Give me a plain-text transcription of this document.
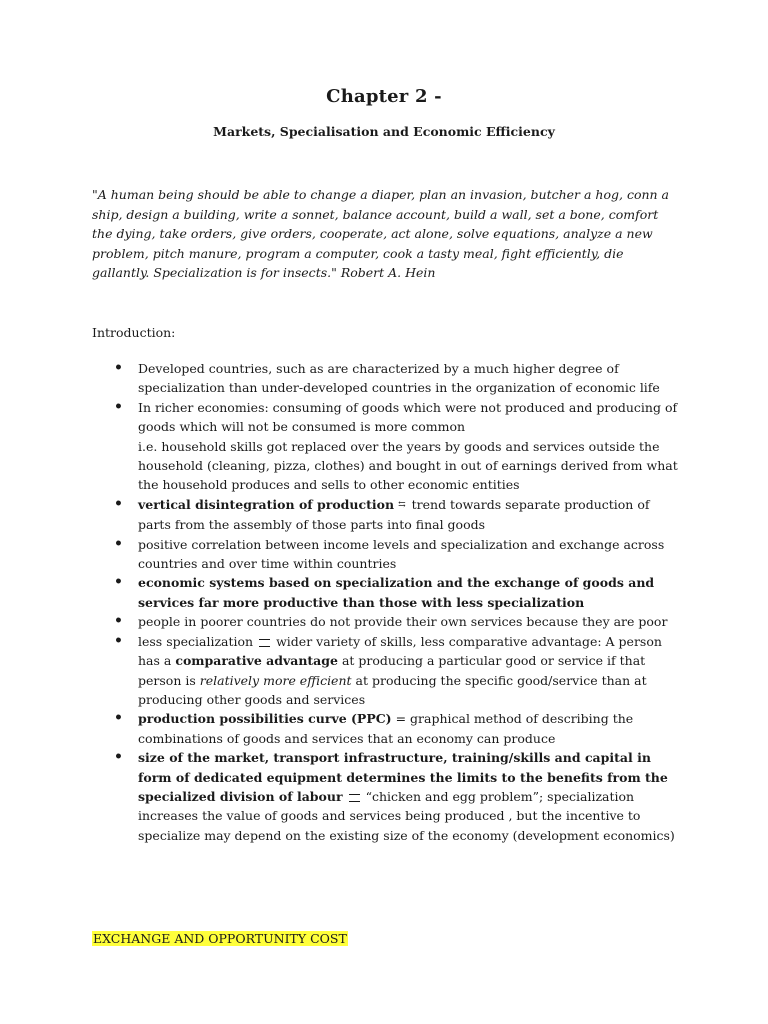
Chapter 2 -
Markets, Specialisation and Economic Efficiency
"A human being should be able to change a diaper, plan an invasion, butcher a hog, conn a ship, design a building, write a sonnet, balance account, build a wall, set a bone, comfort the dying, take orders, give orders, cooperate, act alone, solve equations, analyze a new problem, pitch manure, program a computer, cook a tasty meal, fight efficiently, die gallantly. Specialization is for insects." Robert A. Hein
Introduction:
• Developed countries, such as are characterized by a much higher degree of specialization than under-developed countries in the organization of economic life
• In richer economies: consuming of goods which were not produced and producing of goods which will not be consumed is more common
i.e. household skills got replaced over the years by goods and services outside the household (cleaning, pizza, clothes) and bought in out of earnings derived from what the household produces and sells to other economic entities
• vertical disintegration of production ⇆ trend towards separate production of parts from the assembly of those parts into final goods
• positive correlation between income levels and specialization and exchange across countries and over time within countries
• economic systems based on specialization and the exchange of goods and services far more productive than those with less specialization
• people in poorer countries do not provide their own services because they are poor
• less specialization wider variety of skills, less comparative advantage: A person has a comparative advantage at producing a particular good or service if that person is relatively more efficient at producing the specific good/service than at producing other goods and services
• production possibilities curve (PPC) = graphical method of describing the combinations of goods and services that an economy can produce
• size of the market, transport infrastructure, training/skills and capital in form of dedicated equipment determines the limits to the benefits from the specialized division of labour “chicken and egg problem”; specialization increases the value of goods and services being produced , but the incentive to specialize may depend on the existing size of the economy (development economics)
EXCHANGE AND OPPORTUNITY COST
